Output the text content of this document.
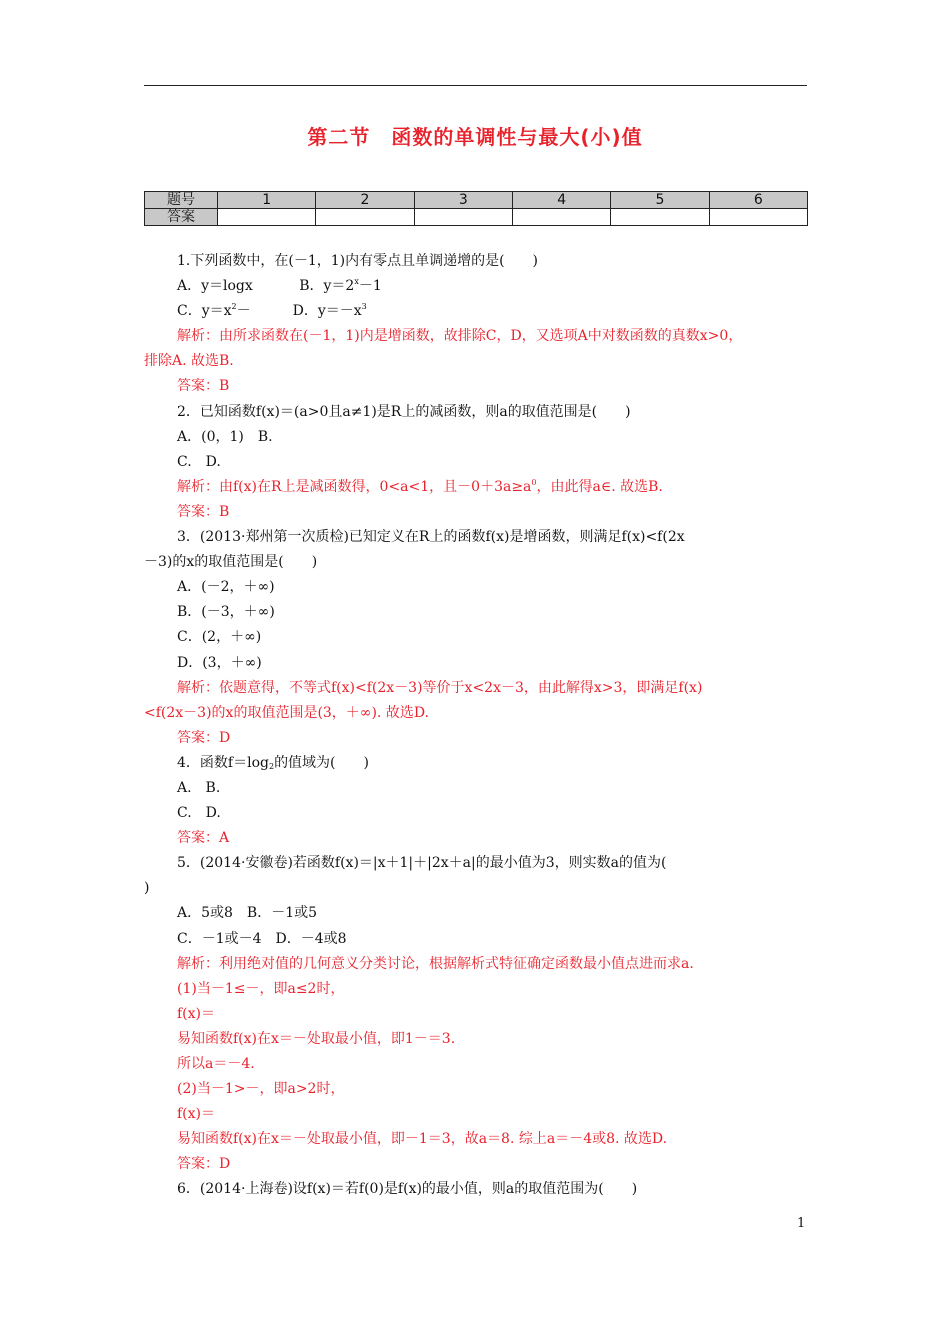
第二节　函数的单调性与最大(小)值
题号	1	2	3	4	5	6
答案						
1.下列函数中，在(－1，1)内有零点且单调递增的是(　　)
A．y＝logx　　　 B．$y=2^x-1$
C．$y=x^2-$　　　D．$y=-x^3$
解析：由所求函数在(－1，1)内是增函数，故排除C，D，又选项A中对数函数的真数x>0，
排除A. 故选B.
答案：B
2．已知函数f(x)＝(a>0且a≠1)是R上的减函数，则a的取值范围是(　　)
A．(0，1)　B.
C.　D.
解析：由f(x)在R上是减函数得，0<a<1，且$-0+3a\ge a^0$，由此得a∈. 故选B.
答案：B
3．(2013·郑州第一次质检)已知定义在R上的函数f(x)是增函数，则满足f(x)<f(2x
－3)的x的取值范围是(　　)
A．(－2，＋∞)
B．(－3，＋∞)
C．(2，＋∞)
D．(3，＋∞)
解析：依题意得，不等式f(x)<f(2x－3)等价于x<2x－3，由此解得x>3，即满足f(x)
<f(2x－3)的x的取值范围是(3，＋∞). 故选D.
答案：D
4．函数$f=\log_2$的值域为(　　)
A.　B.
C.　D.
答案：A
5．(2014·安徽卷)若函数f(x)＝|x＋1|＋|2x＋a|的最小值为3，则实数a的值为(
)
A．5或8　B．－1或5
C．－1或－4　D．－4或8
解析：利用绝对值的几何意义分类讨论，根据解析式特征确定函数最小值点进而求a.
(1)当－1≤－，即a≤2时，
f(x)＝
易知函数f(x)在x＝－处取最小值，即1－＝3.
所以a＝－4.
(2)当－1>－，即a>2时，
f(x)＝
易知函数f(x)在x＝－处取最小值，即－1＝3，故a＝8. 综上a＝－4或8. 故选D.
答案：D
6．(2014·上海卷)设f(x)＝若f(0)是f(x)的最小值，则a的取值范围为(　　)
1
